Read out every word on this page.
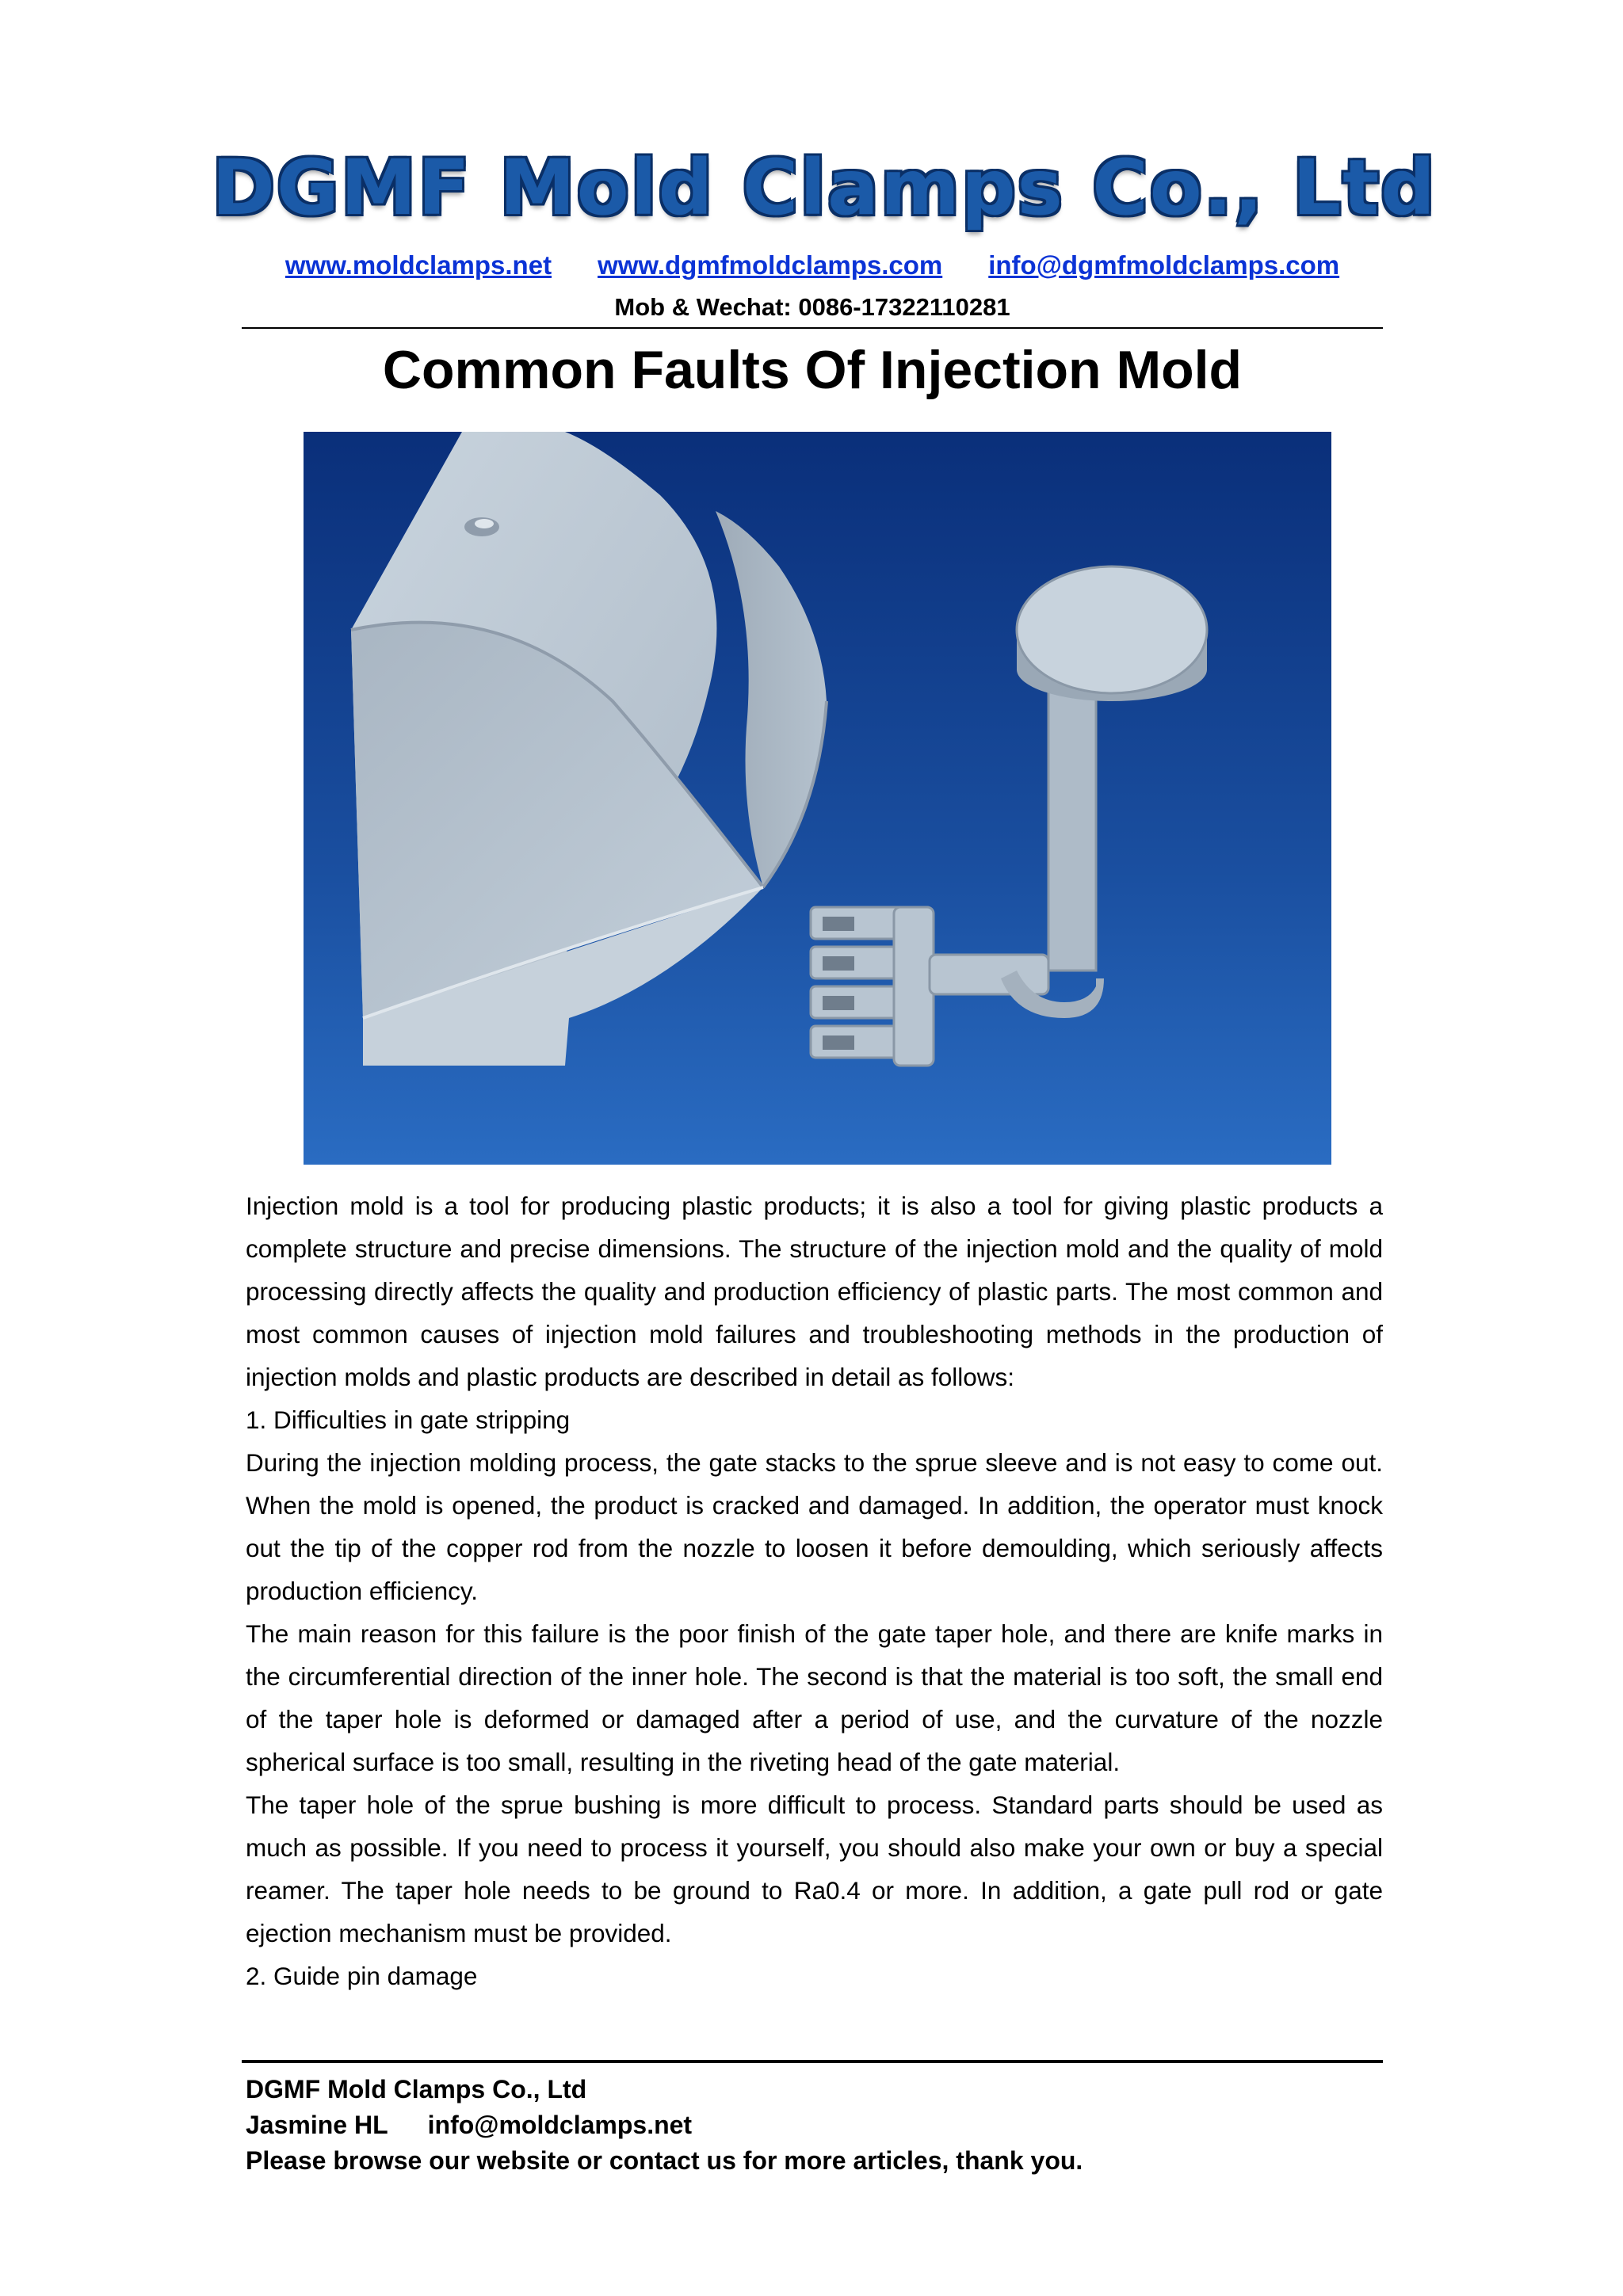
DGMF Mold Clamps Co., Ltd
www.moldclamps.net www.dgmfmoldclamps.com info@dgmfmoldclamps.com
Mob & Wechat: 0086-17322110281
Common Faults Of Injection Mold

Injection mold is a tool for producing plastic products; it is also a tool for giving plastic products a complete structure and precise dimensions. The structure of the injection mold and the quality of mold processing directly affects the quality and production efficiency of plastic parts. The most common and most common causes of injection mold failures and troubleshooting methods in the production of injection molds and plastic products are described in detail as follows:

1. Difficulties in gate stripping

During the injection molding process, the gate stacks to the sprue sleeve and is not easy to come out. When the mold is opened, the product is cracked and damaged. In addition, the operator must knock out the tip of the copper rod from the nozzle to loosen it before demoulding, which seriously affects production efficiency.

The main reason for this failure is the poor finish of the gate taper hole, and there are knife marks in the circumferential direction of the inner hole. The second is that the material is too soft, the small end of the taper hole is deformed or damaged after a period of use, and the curvature of the nozzle spherical surface is too small, resulting in the riveting head of the gate material.

The taper hole of the sprue bushing is more difficult to process. Standard parts should be used as much as possible. If you need to process it yourself, you should also make your own or buy a special reamer. The taper hole needs to be ground to Ra0.4 or more. In addition, a gate pull rod or gate ejection mechanism must be provided.

2. Guide pin damage

DGMF Mold Clamps Co., Ltd
Jasmine HL info@moldclamps.net
Please browse our website or contact us for more articles, thank you.
